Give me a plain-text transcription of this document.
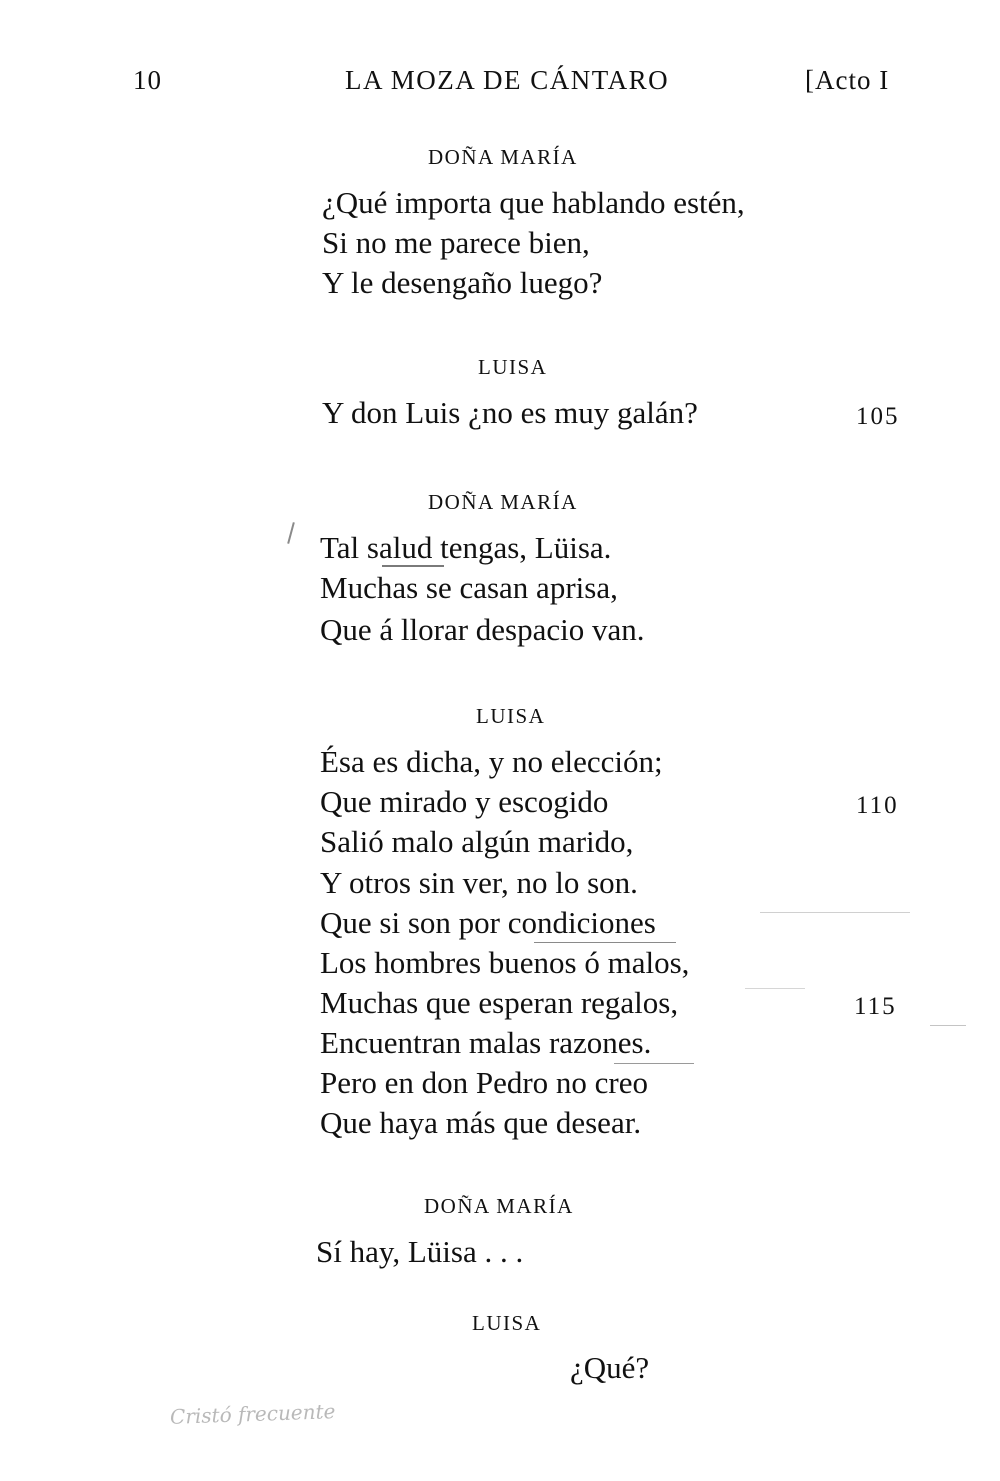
10	LA MOZA DE CÁNTARO	[Acto I
DOÑA MARÍA
¿Qué importa que hablando estén,
Si no me parece bien,
Y le desengaño luego?
LUISA
Y don Luis ¿no es muy galán?	105
DOÑA MARÍA
Tal salud tengas, Lüisa.
Muchas se casan aprisa,
Que á llorar despacio van.
LUISA
Ésa es dicha, y no elección;
Que mirado y escogido	110
Salió malo algún marido,
Y otros sin ver, no lo son.
Que si son por condiciones
Los hombres buenos ó malos,
Muchas que esperan regalos,	115
Encuentran malas razones.
Pero en don Pedro no creo
Que haya más que desear.
DOÑA MARÍA
Sí hay, Lüisa . . .
LUISA
¿Qué?
Cristó frecuente
